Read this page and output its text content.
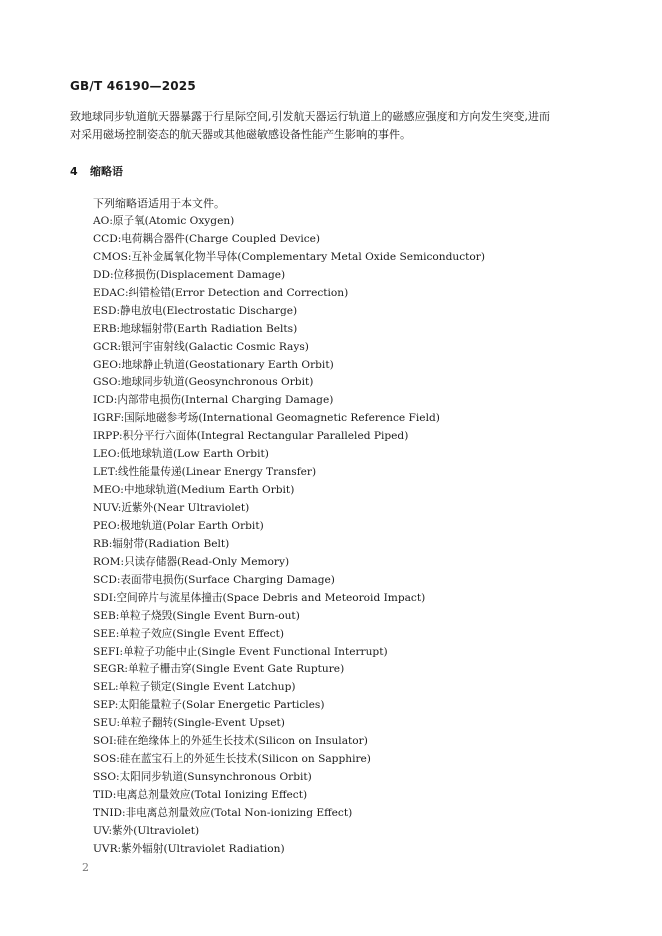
GB/T 46190—2025
致地球同步轨道航天器暴露于行星际空间,引发航天器运行轨道上的磁感应强度和方向发生突变,进而
对采用磁场控制姿态的航天器或其他磁敏感设备性能产生影响的事件。
4 缩略语
下列缩略语适用于本文件。
AO:原子氧(Atomic Oxygen)
CCD:电荷耦合器件(Charge Coupled Device)
CMOS:互补金属氧化物半导体(Complementary Metal Oxide Semiconductor)
DD:位移损伤(Displacement Damage)
EDAC:纠错检错(Error Detection and Correction)
ESD:静电放电(Electrostatic Discharge)
ERB:地球辐射带(Earth Radiation Belts)
GCR:银河宇宙射线(Galactic Cosmic Rays)
GEO:地球静止轨道(Geostationary Earth Orbit)
GSO:地球同步轨道(Geosynchronous Orbit)
ICD:内部带电损伤(Internal Charging Damage)
IGRF:国际地磁参考场(International Geomagnetic Reference Field)
IRPP:积分平行六面体(Integral Rectangular Paralleled Piped)
LEO:低地球轨道(Low Earth Orbit)
LET:线性能量传递(Linear Energy Transfer)
MEO:中地球轨道(Medium Earth Orbit)
NUV:近紫外(Near Ultraviolet)
PEO:极地轨道(Polar Earth Orbit)
RB:辐射带(Radiation Belt)
ROM:只读存储器(Read-Only Memory)
SCD:表面带电损伤(Surface Charging Damage)
SDI:空间碎片与流星体撞击(Space Debris and Meteoroid Impact)
SEB:单粒子烧毁(Single Event Burn-out)
SEE:单粒子效应(Single Event Effect)
SEFI:单粒子功能中止(Single Event Functional Interrupt)
SEGR:单粒子栅击穿(Single Event Gate Rupture)
SEL:单粒子锁定(Single Event Latchup)
SEP:太阳能量粒子(Solar Energetic Particles)
SEU:单粒子翻转(Single-Event Upset)
SOI:硅在绝缘体上的外延生长技术(Silicon on Insulator)
SOS:硅在蓝宝石上的外延生长技术(Silicon on Sapphire)
SSO:太阳同步轨道(Sunsynchronous Orbit)
TID:电离总剂量效应(Total Ionizing Effect)
TNID:非电离总剂量效应(Total Non-ionizing Effect)
UV:紫外(Ultraviolet)
UVR:紫外辐射(Ultraviolet Radiation)
2
